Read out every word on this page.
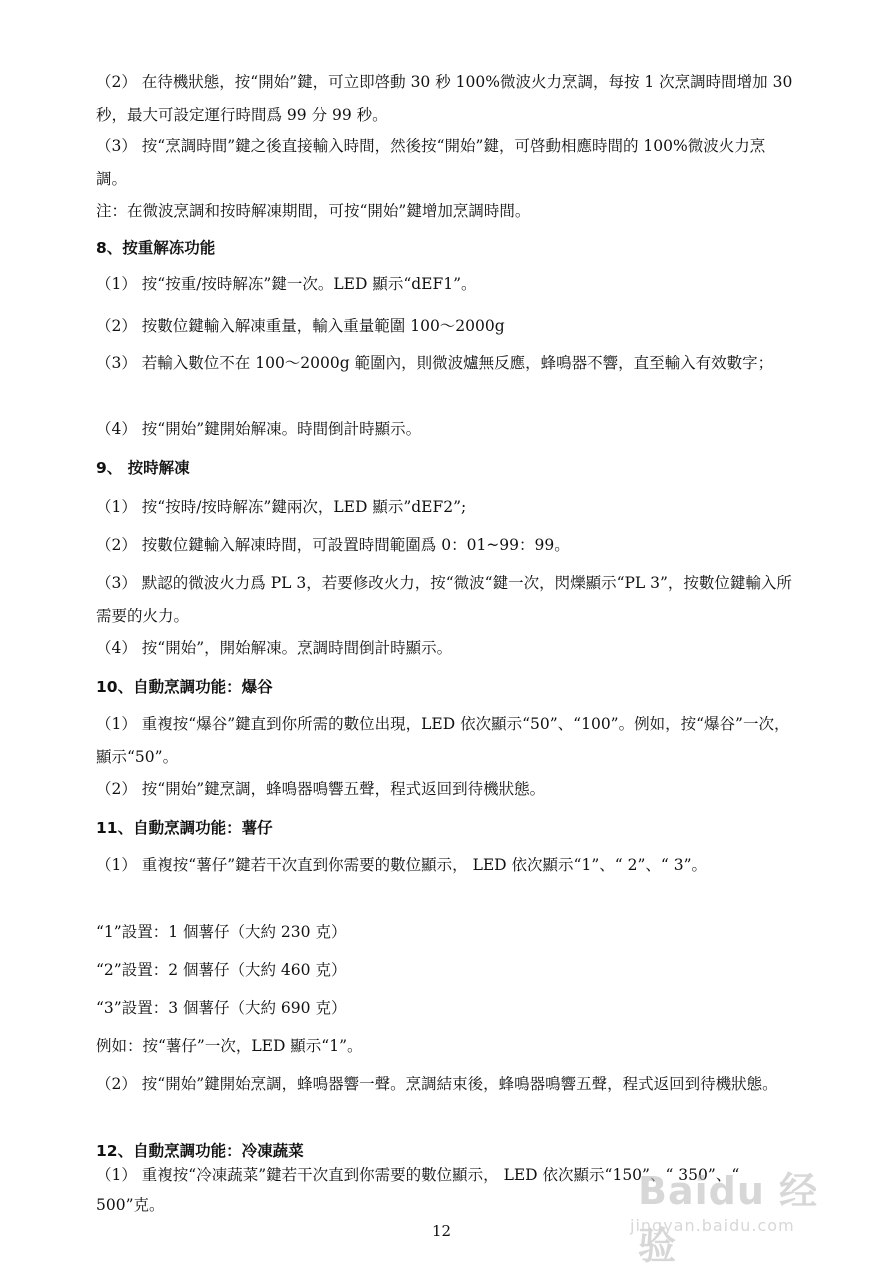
（2） 在待機狀態，按“開始”鍵，可立即啓動 30 秒 100%微波火力烹調，每按 1 次烹調時間增加 30 秒，最大可設定運行時間爲 99 分 99 秒。
（3） 按“烹調時間”鍵之後直接輸入時間，然後按“開始”鍵，可啓動相應時間的 100%微波火力烹調。
注：在微波烹調和按時解凍期間，可按“開始”鍵增加烹調時間。
8、按重解冻功能
（1） 按“按重/按時解冻”鍵一次。LED 顯示“dEF1”。
（2） 按數位鍵輸入解凍重量，輸入重量範圍 100～2000g
（3） 若輸入數位不在 100～2000g 範圍內，則微波爐無反應，蜂鳴器不響，直至輸入有效數字；
（4） 按“開始”鍵開始解凍。時間倒計時顯示。
9、 按時解凍
（1） 按“按時/按時解冻”鍵兩次，LED 顯示”dEF2”;
（2） 按數位鍵輸入解凍時間，可設置時間範圍爲 0：01~99：99。
（3） 默認的微波火力爲 PL 3，若要修改火力，按“微波“鍵一次，閃爍顯示“PL 3”，按數位鍵輸入所需要的火力。
（4） 按“開始”，開始解凍。烹調時間倒計時顯示。
10、自動烹調功能：爆谷
（1） 重複按“爆谷”鍵直到你所需的數位出現，LED 依次顯示“50”、“100”。例如，按“爆谷”一次，顯示“50”。
（2） 按“開始”鍵烹調，蜂鳴器鳴響五聲，程式返回到待機狀態。
11、自動烹調功能：薯仔
（1） 重複按“薯仔”鍵若干次直到你需要的數位顯示， LED 依次顯示“1”、“ 2”、“ 3”。
“1”設置：1 個薯仔（大約 230 克）
“2”設置：2 個薯仔（大約 460 克）
“3”設置：3 個薯仔（大約 690 克）
例如：按“薯仔”一次，LED 顯示“1”。
（2） 按“開始”鍵開始烹調，蜂鳴器響一聲。烹調結束後，蜂鳴器鳴響五聲，程式返回到待機狀態。
12、自動烹調功能：冷凍蔬菜
（1） 重複按“冷凍蔬菜”鍵若干次直到你需要的數位顯示， LED 依次顯示“150”、“ 350”、“ 500”克。
12
Baidu 经验
jingyan.baidu.com
